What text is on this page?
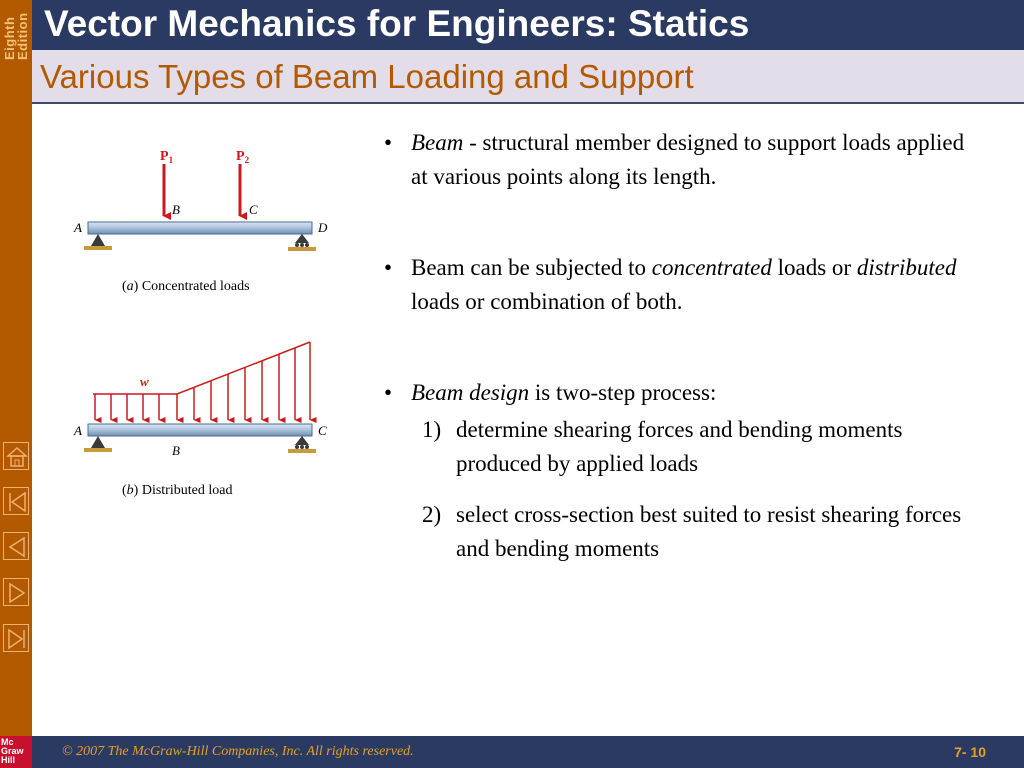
Eighth
Edition
Mc
Graw
Hill
Vector Mechanics for Engineers: Statics
Various Types of Beam Loading and Support
$P_1$	$P_2$
A
B	C
D
(a) Concentrated loads
w
A
B
C
(b) Distributed load

• Beam - structural member designed to support loads applied at various points along its length.

• Beam can be subjected to concentrated loads or distributed loads or combination of both.

• Beam design is two-step process:

1) determine shearing forces and bending moments produced by applied loads

2) select cross-section best suited to resist shearing forces and bending moments

© 2007 The McGraw-Hill Companies, Inc. All rights reserved.	7- 10
